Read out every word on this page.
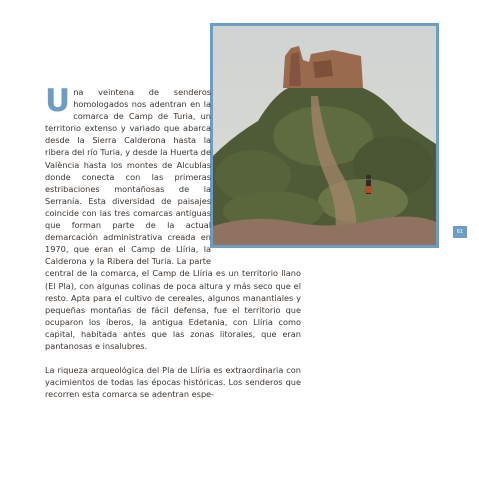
61

Una veintena de senderos homologados nos adentran en la comarca de Camp de Turia, un territorio extenso y variado que abarca desde la Sierra Calderona hasta la ribera del río Turia, y desde la Huerta de València hasta los montes de Alcublas donde conecta con las primeras estribaciones montañosas de la Serranía. Esta diversidad de paisajes coincide con las tres comarcas antiguas que forman parte de la actual demarcación administrativa creada en 1970, que eran el Camp de Llíria, la Calderona y la Ribera del Turia. La parte central de la comarca, el Camp de Llíria es un territorio llano (El Pla), con algunas colinas de poca altura y más seco que el resto. Apta para el cultivo de cereales, algunos manantiales y pequeñas montañas de fácil defensa, fue el territorio que ocuparon los íberos, la antigua Edetania, con Llíria como capital, habitada antes que las zonas litorales, que eran pantanosas e insalubres.

La riqueza arqueológica del Pla de Llíria es extraordinaria con yacimientos de todas las épocas históricas. Los senderos que recorren esta comarca se adentran espe-
